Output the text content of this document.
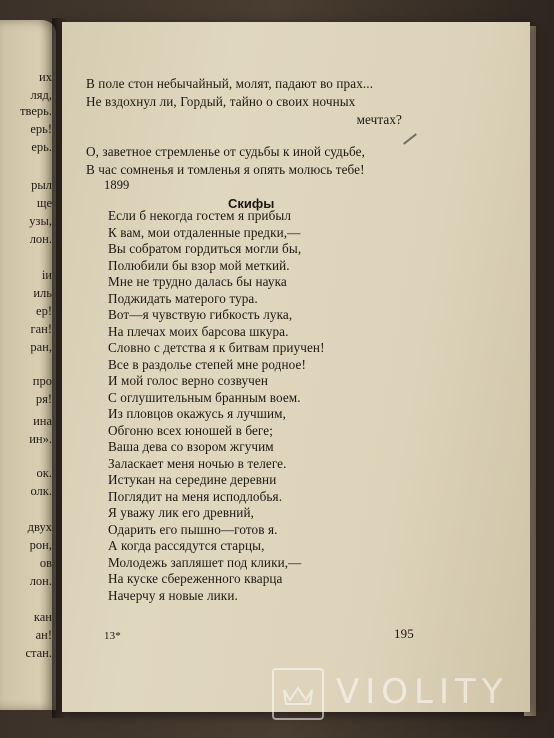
их
ляд,
тверь.
ерь!
ерь.
рыл
ще
узы,
лон.
іи
иль
ер!
ган!
ран,
про
ря!
ина
ин».
ок.
олк.
двух
рон,
ов
лон.
кан
ан!
стан.
В поле стон небычайный, молят, падают во прах...
Не вздохнул ли, Гордый, тайно о своих ночных
мечтах?
О, заветное стремленье от судьбы к иной судьбе,
В час сомненья и томленья я опять молюсь тебе!
1899
Скифы
Если б некогда гостем я прибыл
К вам, мои отдаленные предки,—
Вы собратом гордиться могли бы,
Полюбили бы взор мой меткий.
Мне не трудно далась бы наука
Поджидать матерого тура.
Вот—я чувствую гибкость лука,
На плечах моих барсова шкура.
Словно с детства я к битвам приучен!
Все в раздолье степей мне родное!
И мой голос верно созвучен
С оглушительным бранным воем.
Из пловцов окажусь я лучшим,
Обгоню всех юношей в беге;
Ваша дева со взором жгучим
Заласкает меня ночью в телеге.
Истукан на середине деревни
Поглядит на меня исподлобья.
Я уважу лик его древний,
Одарить его пышно—готов я.
А когда рассядутся старцы,
Молодежь запляшет под клики,—
На куске сбереженного кварца
Начерчу я новые лики.
13*	195
VIOLITY
